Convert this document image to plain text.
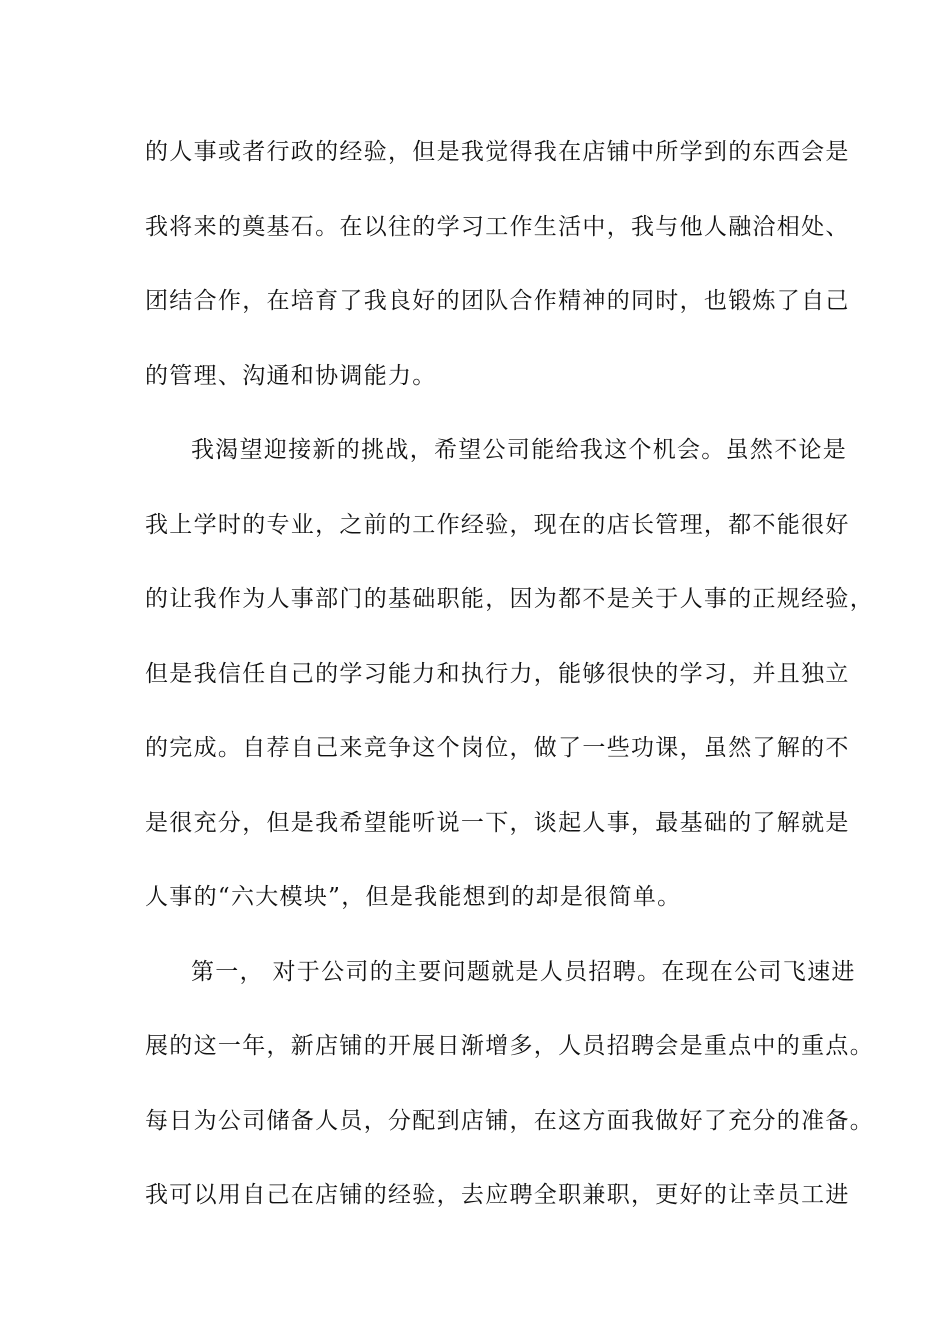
的人事或者行政的经验，但是我觉得我在店铺中所学到的东西会是
我将来的奠基石。在以往的学习工作生活中，我与他人融洽相处、
团结合作，在培育了我良好的团队合作精神的同时，也锻炼了自己
的管理、沟通和协调能力。
我渴望迎接新的挑战，希望公司能给我这个机会。虽然不论是
我上学时的专业，之前的工作经验，现在的店长管理，都不能很好
的让我作为人事部门的基础职能，因为都不是关于人事的正规经验，
但是我信任自己的学习能力和执行力，能够很快的学习，并且独立
的完成。自荐自己来竞争这个岗位，做了一些功课，虽然了解的不
是很充分，但是我希望能听说一下，谈起人事，最基础的了解就是
人事的“六大模块”，但是我能想到的却是很简单。
第一， 对于公司的主要问题就是人员招聘。在现在公司飞速进
展的这一年，新店铺的开展日渐增多，人员招聘会是重点中的重点。
每日为公司储备人员，分配到店铺，在这方面我做好了充分的准备。
我可以用自己在店铺的经验，去应聘全职兼职，更好的让幸员工进
